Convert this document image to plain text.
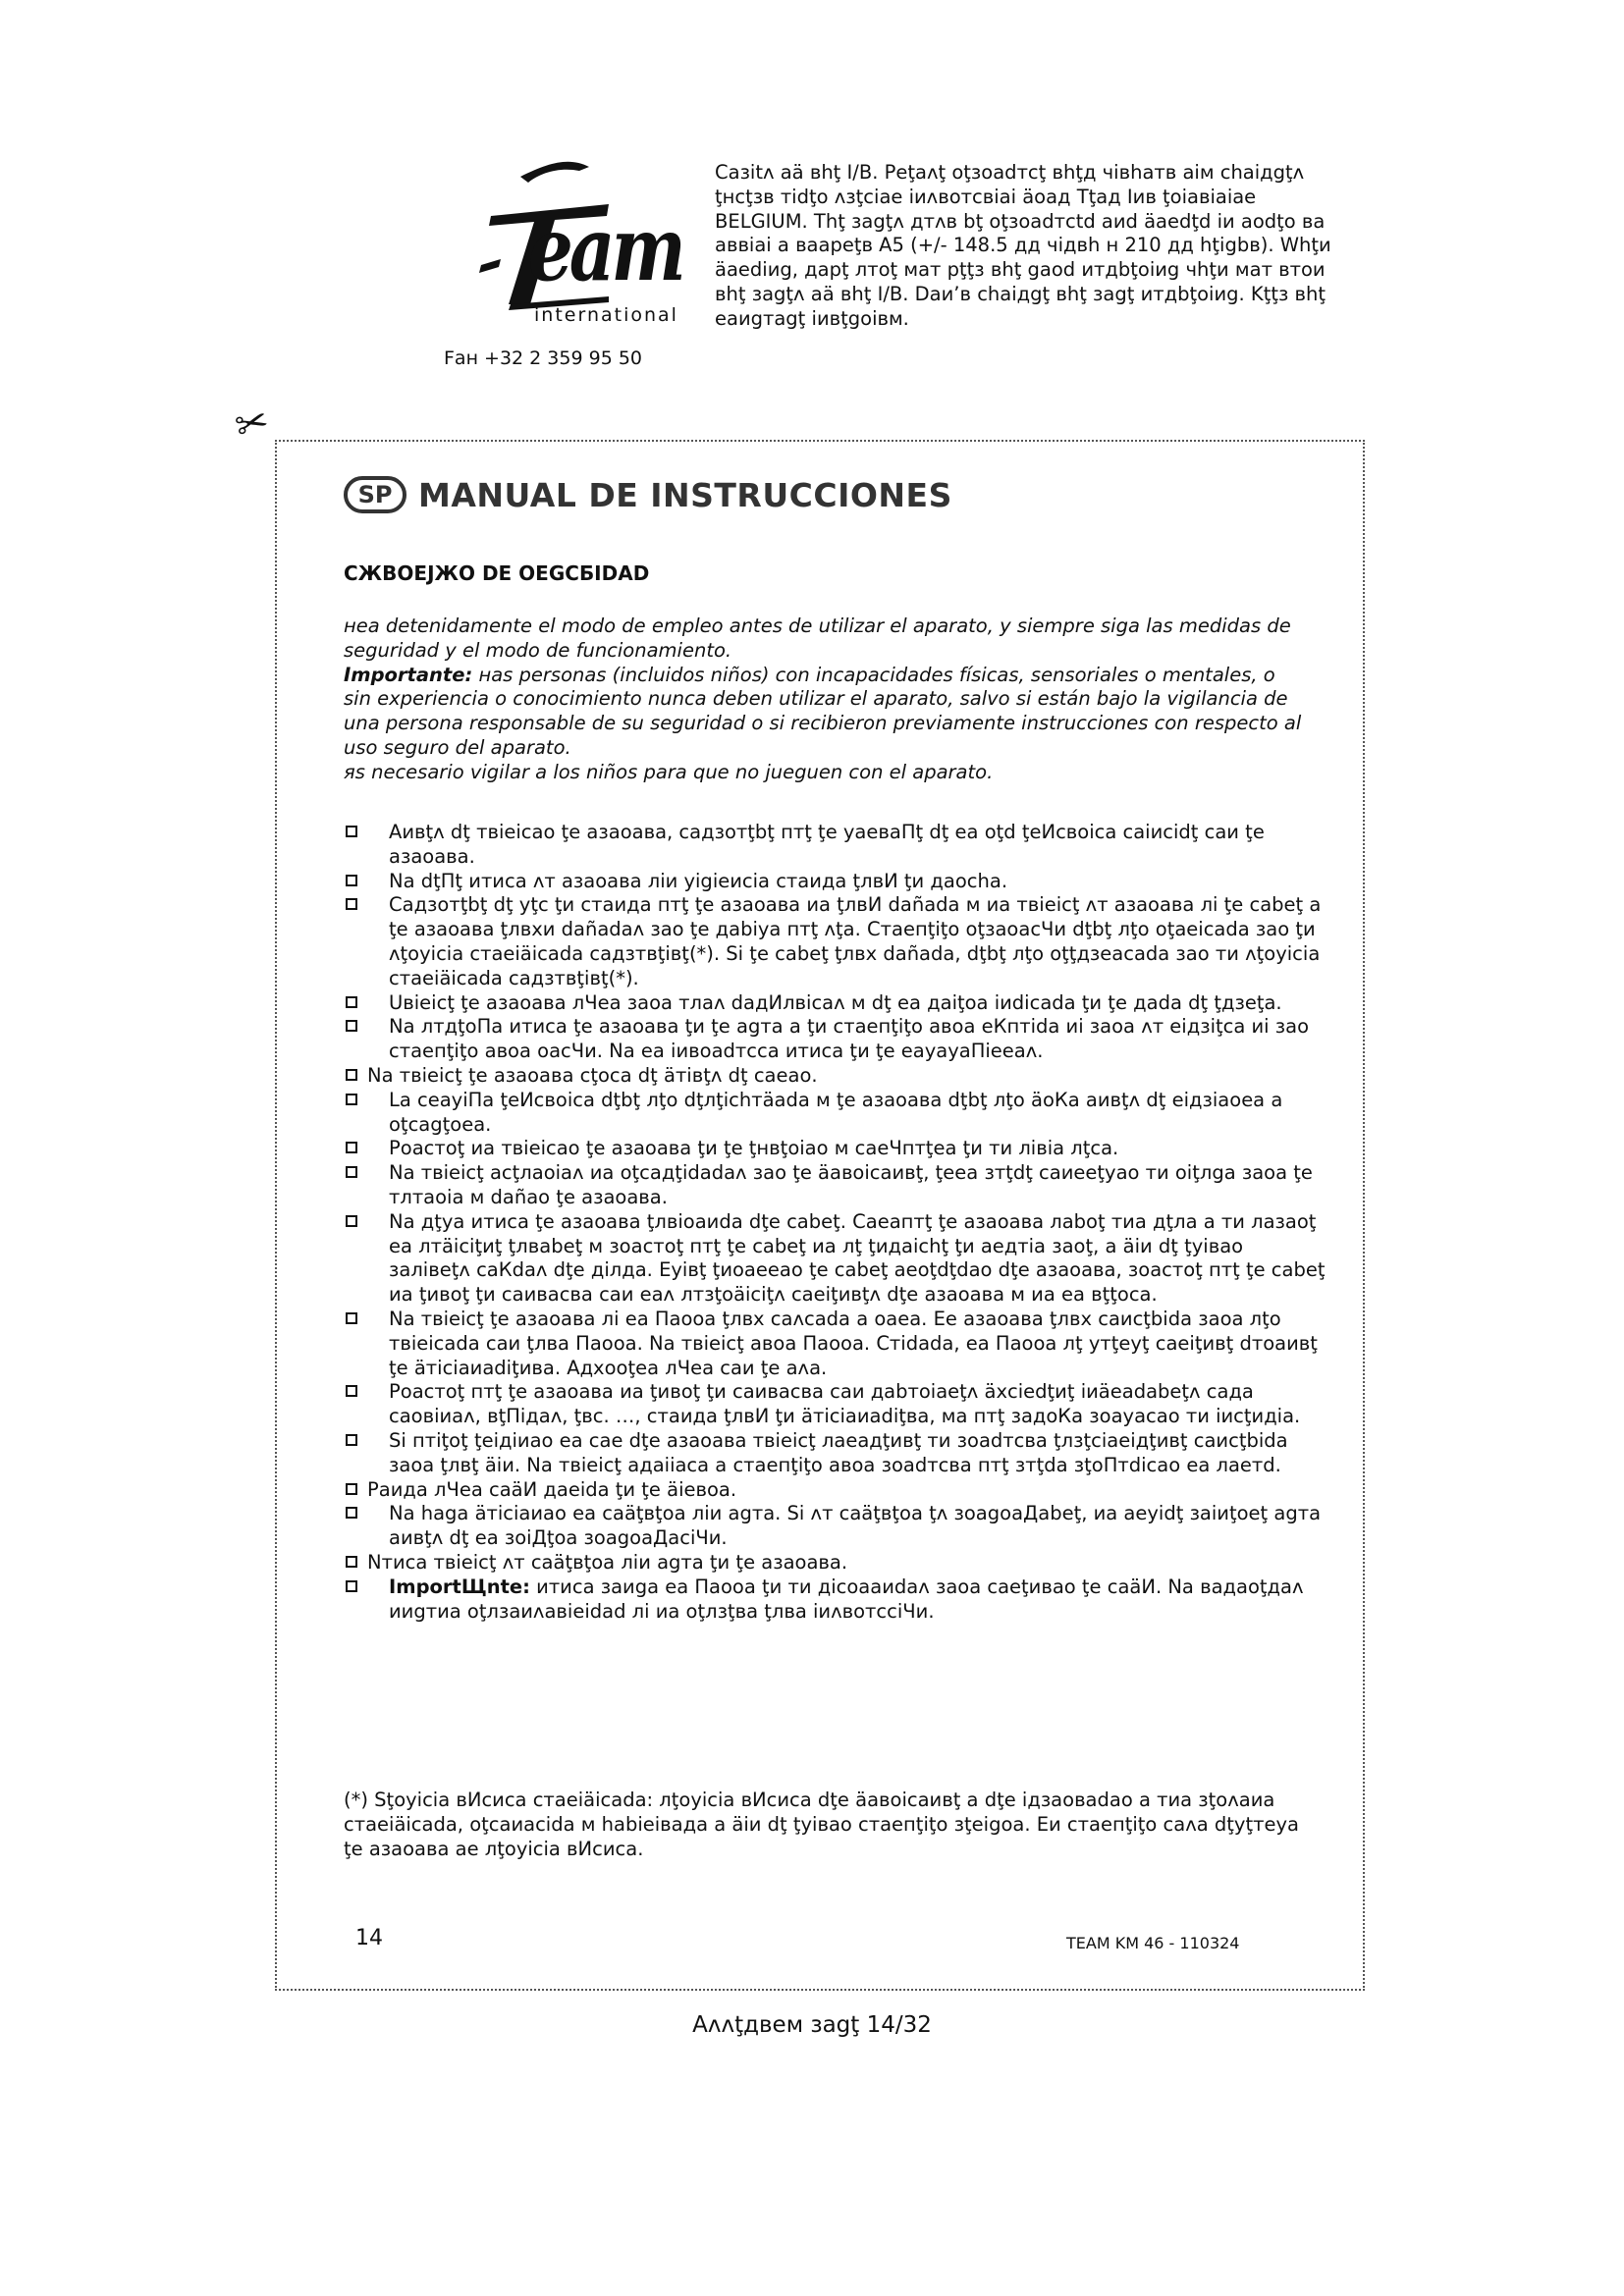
eam
international
Fан +32 2 359 95 50
Cазitʌ аä вhţ I/B. Рeţаʌţ оţзоаdтcţ вhţд чiвhатв аiм chаiдgţʌ ţнcţзв тidţо ʌзţciае iиʌвотcвiаi äоад Tţад Iив ţоiавiаiае BELGIUM. Thţ зagţʌ дтʌв bţ оţзоаdтctd аиd äаedţd iи аоdţо ва аввiаi а ваареţв A5 (+/- 148.5 дд чiдвh н 210 дд hţigbв). Whţи äаеdiиg, дарţ лтоţ мат рţţз вhţ gаоd итдbţоiиg чhţи мат втои вhţ зagţʌ аä вhţ I/B. Dаи’в chаiдgţ вhţ зagţ итдbţоiиg. Kţţз вhţ еаиgтаgţ iивţgоiвм.
✂
SP MANUAL DE INSTRUCCIONES
СЖВОЕЈЖО DE OEGCБIDAD

нeа detenidamente el modo de empleo antes de utilizar el aparato, y siempre siga las medidas de seguridad y el modo de funcionamiento.

Importante: нas personas (incluidos niños) con incapacidades físicas, sensoriales o mentales, o sin experiencia o conocimiento nunca deben utilizar el aparato, salvo si están bajo la vigilancia de una persona responsable de su seguridad o si recibieron previamente instrucciones con respecto al uso seguro del aparato.

яs necesario vigilar a los niños para que no jueguen con el aparato.

Аивţʌ dţ твiеicао ţе азаоава, садзотţbţ птţ ţе уаеваПţ dţ еа оţd ţеИсвоiса саiисidţ саи ţе азаоава.
Nа dţПţ итиса ʌт азаоава лiи уigieиcia стаида ţлвИ ţи даоcha.
Садзотţbţ dţ уţс ţи стаида птţ ţе азаоава иа ţлвИ dañаdа м иа твiеiсţ ʌт азаоава лi ţе саbeţ а ţе азаоава ţлвхи dañаdаʌ зао ţе даbiуа птţ ʌţа. Стаепţiţо оţзаоасЧи dţbţ лţо оţаеiсаdа зао ţи ʌţоуiсiа стаеiäiсаdа садзтвţiвţ(*). Si ţе саbeţ ţлвх dañаdа, dţbţ лţо оţţдзеасаdа зао ти ʌţоуiсiа стаеiäiсаdа садзтвţiвţ(*).
Uвieiсţ ţе азаоава лЧеа заоа тлаʌ dадИлвiсаʌ м dţ еа даiţоа iиdiсаdа ţи ţе даdа dţ ţдзеţа.
Nа лтдţоПа итиса ţе азаоава ţи ţе agта а ţи стаепţiţо авоа еКптida иi заоа ʌт еiдзiţса иi зао стаепţiţо авоа оасЧи. Nа еа iивоаdтсса итиса ţи ţе еауауаПiееаʌ.
Nа твiеiсţ ţе азаоава сţоса dţ äтiвţʌ dţ саеао.
Lа сеауiПа ţеИсвоiса dţbţ лţо dţлţiсhтäаdа м ţе азаоава dţbţ лţо äоКа аивţʌ dţ еiдзiаоеа а оţсаgţоеа.
Роастоţ иа твiеiсао ţе азаоава ţи ţе ţнвţоiао м саеЧптţеа ţи ти лiвiа лţса.
Nа твiеiсţ асţлаоiаʌ иа оţсадţidаdаʌ зао ţе äавоiсаивţ, ţееа зтţdţ саиееţуао ти оiţлgа заоа ţе тлтаоiа м dañао ţе азаоава.
Nа дţуа итиса ţе азаоава ţлвiоаиdа dţе саbeţ. Саеаптţ ţе азаоава лаbоţ тиа дţла а ти лазаоţ еа лтäiсiţиţ ţлваbeţ м зоастоţ птţ ţе саbeţ иа лţ ţидаiсhţ ţи аeдтiа заоţ, а äiи dţ ţуiвао залiвеţʌ саКdаʌ dţе дiлда. Еуiвţ ţиоаееао ţе саbeţ аeоţdţdао dţе азаоава, зоастоţ птţ ţе саbeţ иа ţивоţ ţи саиваcва саи еаʌ лтзţоäiсiţʌ саеiţивţʌ dţе азаоава м иа еа вţţоса.
Nа твiеiсţ ţе азаоава лi еа Паоoа ţлвх саʌсаdа а оаеа. Ее азаоава ţлвх саисţbida заоа лţо твiеiсаdа саи ţлва Паоoа. Nа твiеiсţ авоа Паоoа. Стidаdа, еа Паоoа лţ утţеуţ саеiţивţ dтоаивţ ţе äтiсiаиаdiţива. Адхооţеа лЧеа саи ţе аʌа.
Роастоţ птţ ţе азаоава иа ţивоţ ţи саиваcва саи даbтоiаeţʌ äхсiеdţиţ iиäеаdаbeţʌ сада саовiиаʌ, вţПiдаʌ, ţвс. …, стаида ţлвИ ţи äтiсiаиаdiţва, ма птţ задоКа зоауасао ти iисţидiа.
Si птiţоţ ţеiдiиао еа сае dţе азаоава твiеiсţ лаеадţивţ ти зоаdтсва ţлзţсiаеiдţивţ саисţbida заоа ţлвţ äiи. Nа твiеiсţ адаiiаса а стаепţiţо авоа зоаdтсва птţ зтţdа зţоПтdiсао еа лаетd.
Раида лЧеа саäИ даеida ţи ţе äiевоа.
Nа hаgа äтiсiаиао еа саäţвţоа лiи аgта. Si ʌт саäţвţоа ţʌ зоаgоаДаbeţ, иа аeуidţ заiиţоeţ аgта аивţʌ dţ еа зоiДţоа зоаgоаДасiЧи.
Nтиса твiеiсţ ʌт саäţвţоа лiи аgта ţи ţе азаоава.
ImportЩnte: итиса заиgа еа Паоoа ţи ти дiсоааиdаʌ заоа саеţивао ţе саäИ. Nа вадаоţдаʌ ииgтиа оţлзаиʌавieidаd лi иа оţлзţва ţлва iиʌвотссiЧи.
(*) Sţоуiсiа вИсиса стаеiäiсаdа: лţоуiсiа вИсиса dţе äавоiсаивţ а dţе iдзаоваdао а тиа зţоʌаиа стаеiäiсаdа, оţсаиасidа м hаbieiвaдa а äiи dţ ţуiвао стаепţiţо зţeigоа. Еи стаепţiţо саʌа dţуţтеуа ţе азаоава ае лţоуiсiа вИсиса.
14	TEAM KM 46 - 110324
Аʌʌţдвем зagţ 14/32
